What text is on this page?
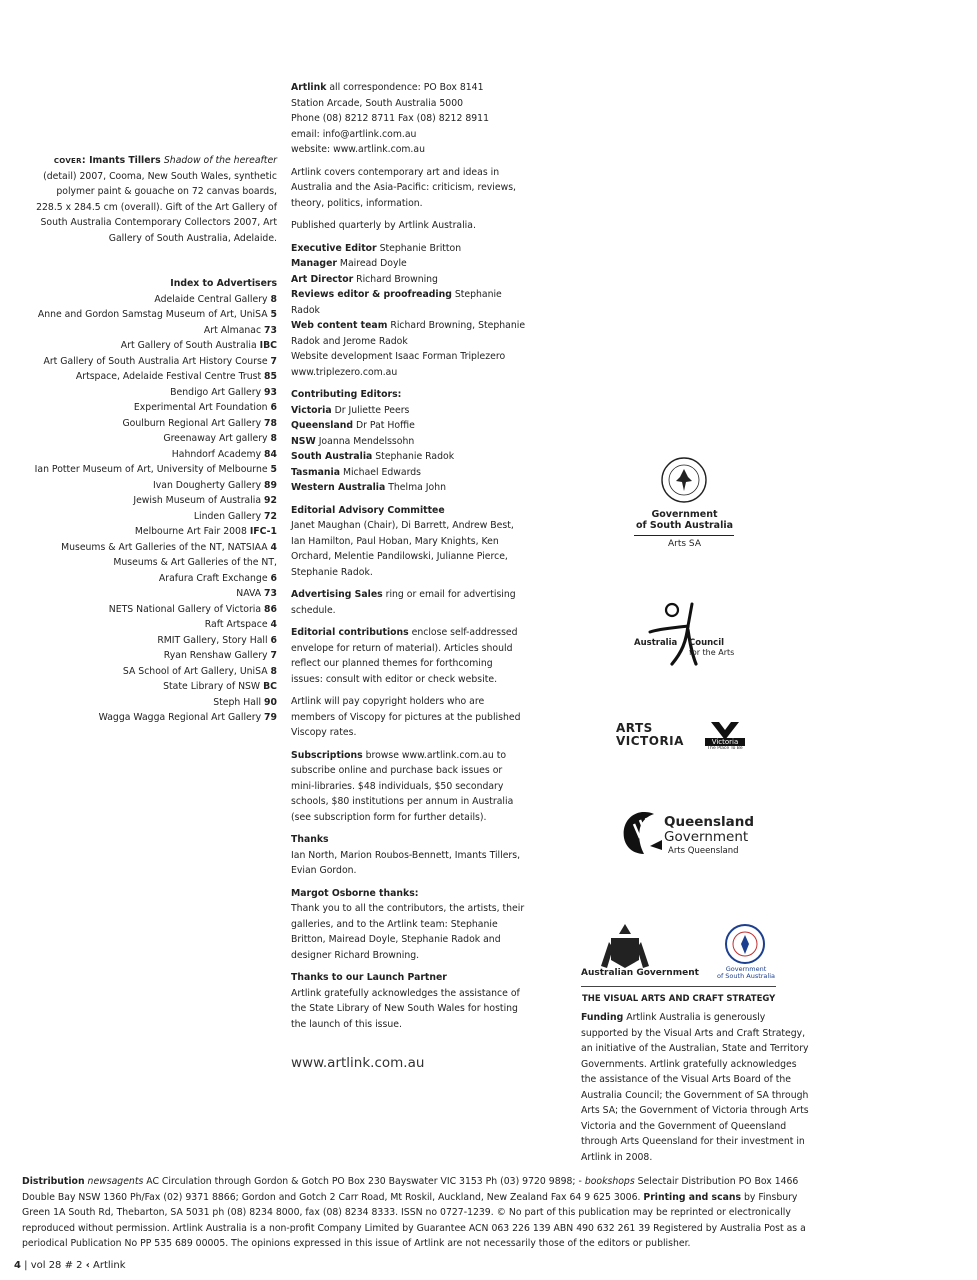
cover: Imants Tillers Shadow of the hereafter (detail) 2007, Cooma, New South Wales, synthetic polymer paint & gouache on 72 canvas boards, 228.5 x 284.5 cm (overall). Gift of the Art Gallery of South Australia Contemporary Collectors 2007, Art Gallery of South Australia, Adelaide.

Index to Advertisers
Adelaide Central Gallery 8
Anne and Gordon Samstag Museum of Art, UniSA 5
Art Almanac 73
Art Gallery of South Australia IBC
Art Gallery of South Australia Art History Course 7
Artspace, Adelaide Festival Centre Trust 85
Bendigo Art Gallery 93
Experimental Art Foundation 6
Goulburn Regional Art Gallery 78
Greenaway Art gallery 8
Hahndorf Academy 84
Ian Potter Museum of Art, University of Melbourne 5
Ivan Dougherty Gallery 89
Jewish Museum of Australia 92
Linden Gallery 72
Melbourne Art Fair 2008 IFC-1
Museums & Art Galleries of the NT, NATSIAA 4
Museums & Art Galleries of the NT,
Arafura Craft Exchange 6
NAVA 73
NETS National Gallery of Victoria 86
Raft Artspace 4
RMIT Gallery, Story Hall 6
Ryan Renshaw Gallery 7
SA School of Art Gallery, UniSA 8
State Library of NSW BC
Steph Hall 90
Wagga Wagga Regional Art Gallery 79

Artlink all correspondence: PO Box 8141
Station Arcade, South Australia 5000
Phone (08) 8212 8711 Fax (08) 8212 8911
email: info@artlink.com.au
website: www.artlink.com.au

Artlink covers contemporary art and ideas in Australia and the Asia-Pacific: criticism, reviews, theory, politics, information.

Published quarterly by Artlink Australia.

Executive Editor Stephanie Britton
Manager Mairead Doyle
Art Director Richard Browning
Reviews editor & proofreading Stephanie Radok
Web content team Richard Browning, Stephanie Radok and Jerome Radok
Website development Isaac Forman Triplezero www.triplezero.com.au

Contributing Editors:
Victoria Dr Juliette Peers
Queensland Dr Pat Hoffie
NSW Joanna Mendelssohn
South Australia Stephanie Radok
Tasmania Michael Edwards
Western Australia Thelma John

Editorial Advisory Committee
Janet Maughan (Chair), Di Barrett, Andrew Best, Ian Hamilton, Paul Hoban, Mary Knights, Ken Orchard, Melentie Pandilowski, Julianne Pierce, Stephanie Radok.

Advertising Sales ring or email for advertising schedule.

Editorial contributions enclose self-addressed envelope for return of material). Articles should reflect our planned themes for forthcoming issues: consult with editor or check website.

Artlink will pay copyright holders who are members of Viscopy for pictures at the published Viscopy rates.

Subscriptions browse www.artlink.com.au to subscribe online and purchase back issues or mini-libraries. $48 individuals, $50 secondary schools, $80 institutions per annum in Australia (see subscription form for further details).

Thanks
Ian North, Marion Roubos-Bennett, Imants Tillers, Evian Gordon.

Margot Osborne thanks:
Thank you to all the contributors, the artists, their galleries, and to the Artlink team: Stephanie Britton, Mairead Doyle, Stephanie Radok and designer Richard Browning.

Thanks to our Launch Partner
Artlink gratefully acknowledges the assistance of the State Library of New South Wales for hosting the launch of this issue.

www.artlink.com.au
Government
of South Australia
Arts SA
Australia Council
for the Arts
ARTS
VICTORIA	Victoria
The Place To Be
Queensland
Government
Arts Queensland
Australian Government	Government
of South Australia
THE VISUAL ARTS AND CRAFT STRATEGY

Funding Artlink Australia is generously supported by the Visual Arts and Craft Strategy, an initiative of the Australian, State and Territory Governments. Artlink gratefully acknowledges the assistance of the Visual Arts Board of the Australia Council; the Government of SA through Arts SA; the Government of Victoria through Arts Victoria and the Government of Queensland through Arts Queensland for their investment in Artlink in 2008.

Distribution newsagents AC Circulation through Gordon & Gotch PO Box 230 Bayswater VIC 3153 Ph (03) 9720 9898; - bookshops Selectair Distribution PO Box 1466 Double Bay NSW 1360 Ph/Fax (02) 9371 8866; Gordon and Gotch 2 Carr Road, Mt Roskil, Auckland, New Zealand Fax 64 9 625 3006. Printing and scans by Finsbury Green 1A South Rd, Thebarton, SA 5031 ph (08) 8234 8000, fax (08) 8234 8333. ISSN no 0727-1239. © No part of this publication may be reprinted or electronically reproduced without permission. Artlink Australia is a non-profit Company Limited by Guarantee ACN 063 226 139 ABN 490 632 261 39 Registered by Australia Post as a periodical Publication No PP 535 689 00005. The opinions expressed in this issue of Artlink are not necessarily those of the editors or publisher.

4 | vol 28 # 2 ‹ Artlink
